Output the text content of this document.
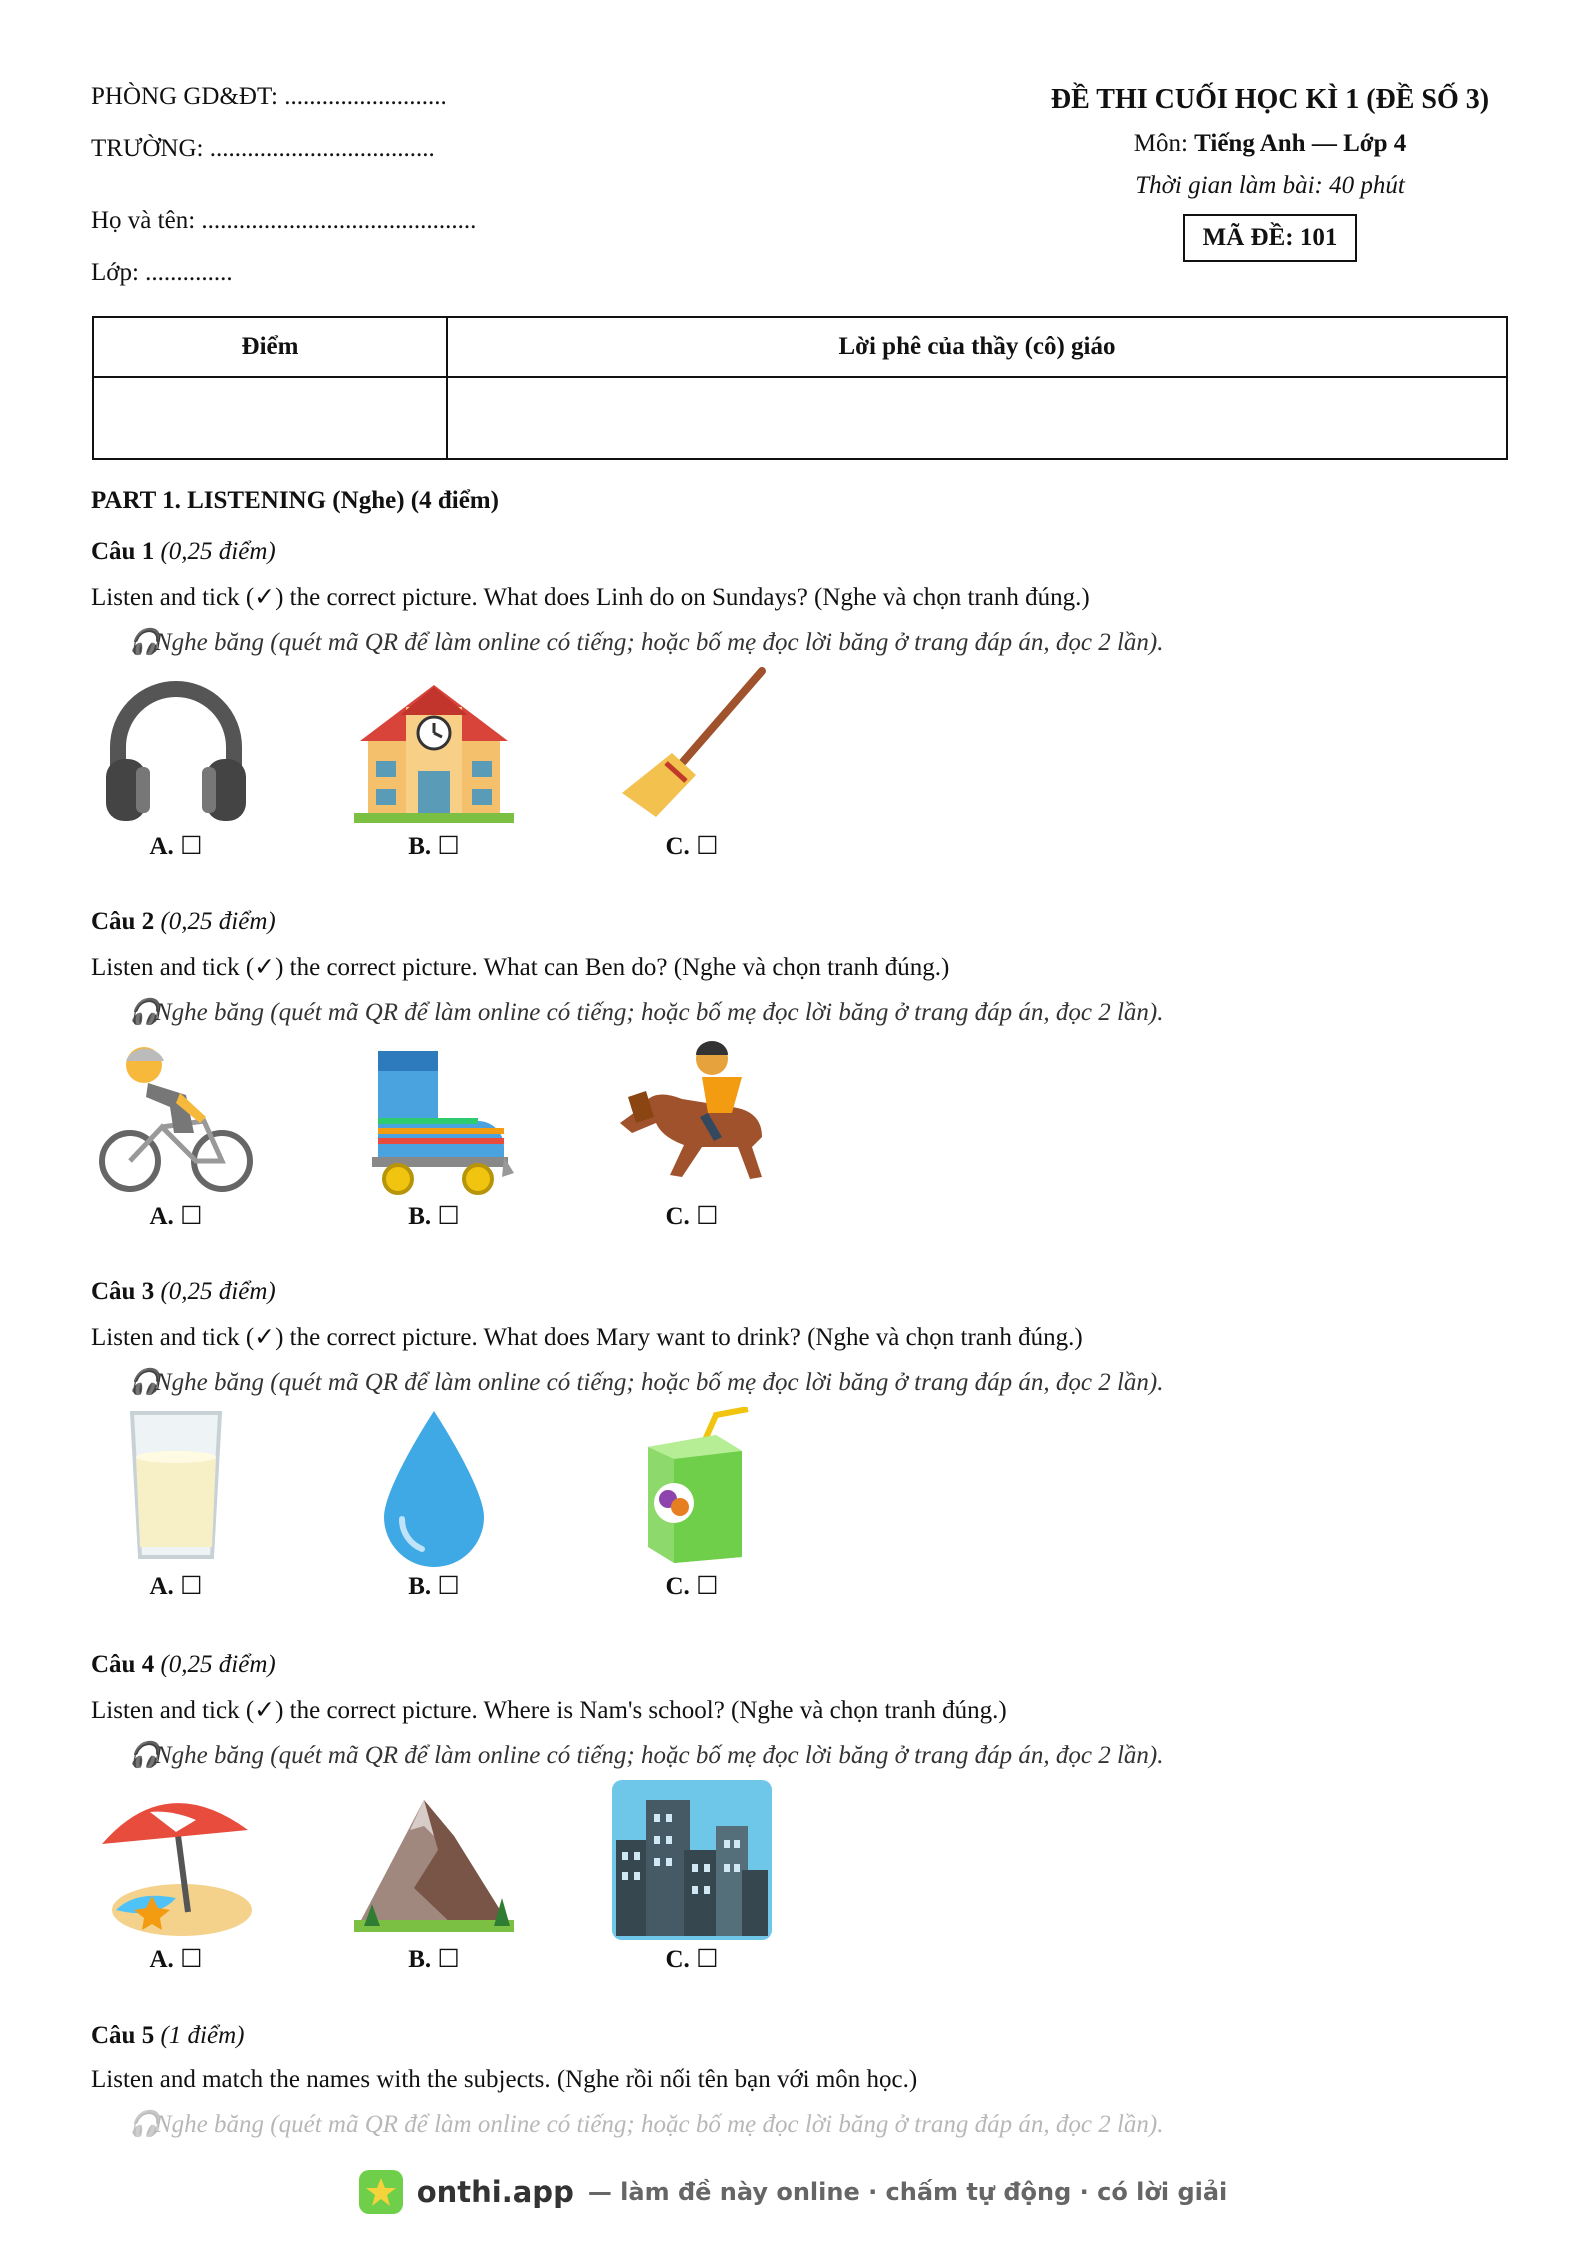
PHÒNG GD&ĐT: ..........................
TRƯỜNG: ....................................
Họ và tên: ............................................
Lớp: ..............
ĐỀ THI CUỐI HỌC KÌ 1 (ĐỀ SỐ 3)
Môn: Tiếng Anh — Lớp 4
Thời gian làm bài: 40 phút
MÃ ĐỀ: 101
Điểm	Lời phê của thầy (cô) giáo

PART 1. LISTENING (Nghe) (4 điểm)
Câu 1 (0,25 điểm)
Listen and tick (✓) the correct picture. What does Linh do on Sundays? (Nghe và chọn tranh đúng.)
🎧Nghe băng (quét mã QR để làm online có tiếng; hoặc bố mẹ đọc lời băng ở trang đáp án, đọc 2 lần).
A. ☐	B. ☐	C. ☐
Câu 2 (0,25 điểm)
Listen and tick (✓) the correct picture. What can Ben do? (Nghe và chọn tranh đúng.)
🎧Nghe băng (quét mã QR để làm online có tiếng; hoặc bố mẹ đọc lời băng ở trang đáp án, đọc 2 lần).
A. ☐	B. ☐	C. ☐
Câu 3 (0,25 điểm)
Listen and tick (✓) the correct picture. What does Mary want to drink? (Nghe và chọn tranh đúng.)
🎧Nghe băng (quét mã QR để làm online có tiếng; hoặc bố mẹ đọc lời băng ở trang đáp án, đọc 2 lần).
A. ☐	B. ☐	C. ☐
Câu 4 (0,25 điểm)
Listen and tick (✓) the correct picture. Where is Nam's school? (Nghe và chọn tranh đúng.)
🎧Nghe băng (quét mã QR để làm online có tiếng; hoặc bố mẹ đọc lời băng ở trang đáp án, đọc 2 lần).
A. ☐	B. ☐	C. ☐
Câu 5 (1 điểm)
Listen and match the names with the subjects. (Nghe rồi nối tên bạn với môn học.)
🎧Nghe băng (quét mã QR để làm online có tiếng; hoặc bố mẹ đọc lời băng ở trang đáp án, đọc 2 lần).
onthi.app — làm đề này online · chấm tự động · có lời giải
